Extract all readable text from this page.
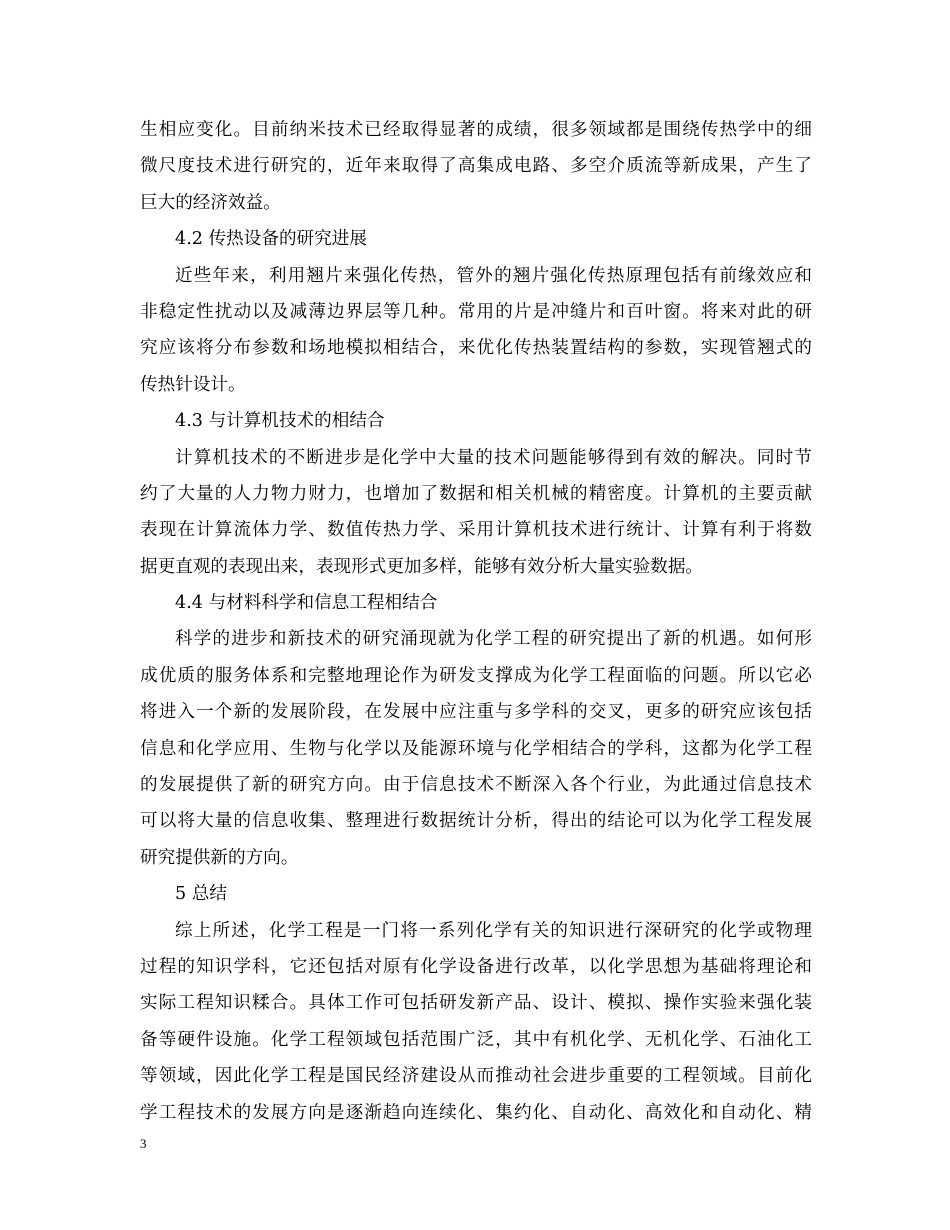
生相应变化。目前纳米技术已经取得显著的成绩，很多领域都是围绕传热学中的细
微尺度技术进行研究的，近年来取得了高集成电路、多空介质流等新成果，产生了
巨大的经济效益。
4.2 传热设备的研究进展
近些年来，利用翘片来强化传热，管外的翘片强化传热原理包括有前缘效应和
非稳定性扰动以及减薄边界层等几种。常用的片是冲缝片和百叶窗。将来对此的研
究应该将分布参数和场地模拟相结合，来优化传热装置结构的参数，实现管翘式的
传热针设计。
4.3 与计算机技术的相结合
计算机技术的不断进步是化学中大量的技术问题能够得到有效的解决。同时节
约了大量的人力物力财力，也增加了数据和相关机械的精密度。计算机的主要贡献
表现在计算流体力学、数值传热力学、采用计算机技术进行统计、计算有利于将数
据更直观的表现出来，表现形式更加多样，能够有效分析大量实验数据。
4.4 与材料科学和信息工程相结合
科学的进步和新技术的研究涌现就为化学工程的研究提出了新的机遇。如何形
成优质的服务体系和完整地理论作为研发支撑成为化学工程面临的问题。所以它必
将进入一个新的发展阶段，在发展中应注重与多学科的交叉，更多的研究应该包括
信息和化学应用、生物与化学以及能源环境与化学相结合的学科，这都为化学工程
的发展提供了新的研究方向。由于信息技术不断深入各个行业，为此通过信息技术
可以将大量的信息收集、整理进行数据统计分析，得出的结论可以为化学工程发展
研究提供新的方向。
5 总结
综上所述，化学工程是一门将一系列化学有关的知识进行深研究的化学或物理
过程的知识学科，它还包括对原有化学设备进行改革，以化学思想为基础将理论和
实际工程知识糅合。具体工作可包括研发新产品、设计、模拟、操作实验来强化装
备等硬件设施。化学工程领域包括范围广泛，其中有机化学、无机化学、石油化工
等领域，因此化学工程是国民经济建设从而推动社会进步重要的工程领域。目前化
学工程技术的发展方向是逐渐趋向连续化、集约化、自动化、高效化和自动化、精
3
